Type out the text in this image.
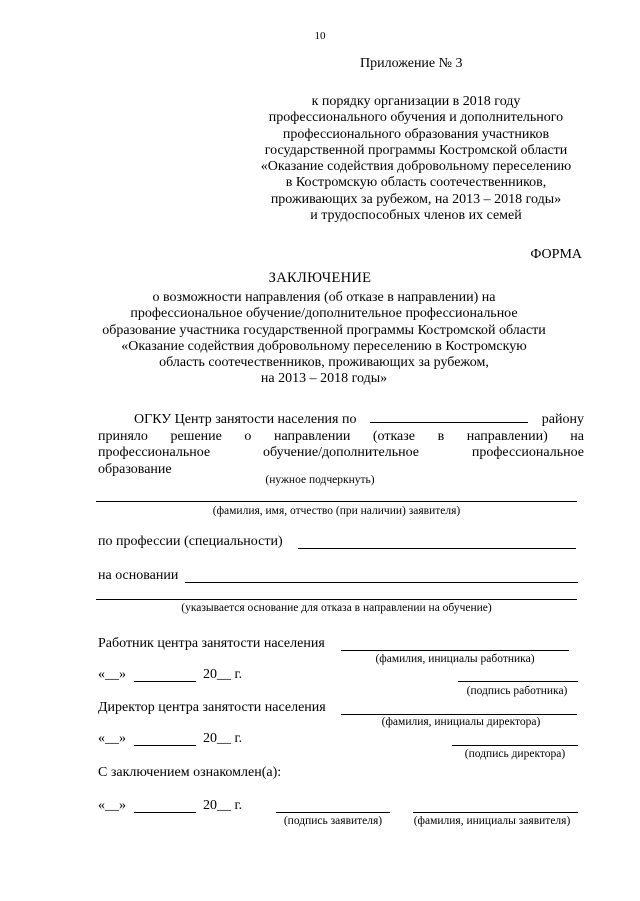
10
Приложение № 3
к порядку организации в 2018 году
профессионального обучения и дополнительного
профессионального образования участников
государственной программы Костромской области
«Оказание содействия добровольному переселению
в Костромскую область соотечественников,
проживающих за рубежом, на 2013 – 2018 годы»
и трудоспособных членов их семей
ФОРМА
ЗАКЛЮЧЕНИЕ
о возможности направления (об отказе в направлении) на
профессиональное обучение/дополнительное профессиональное
образование участника государственной программы Костромской области
«Оказание содействия добровольному переселению в Костромскую
область соотечественников, проживающих за рубежом,
на 2013 – 2018 годы»
ОГКУ Центр занятости населения по	району
приняло решение о направлении (отказе в направлении) на
профессиональное обучение/дополнительное профессиональное
образование
(нужное подчеркнуть)
(фамилия, имя, отчество (при наличии) заявителя)
по профессии (специальности)
на основании
(указывается основание для отказа в направлении на обучение)
Работник центра занятости населения
(фамилия, инициалы работника)
«__»	20__ г.
(подпись работника)
Директор центра занятости населения
(фамилия, инициалы директора)
«__»	20__ г.
(подпись директора)
С заключением ознакомлен(а):
«__»	20__ г.
(подпись заявителя)	(фамилия, инициалы заявителя)
